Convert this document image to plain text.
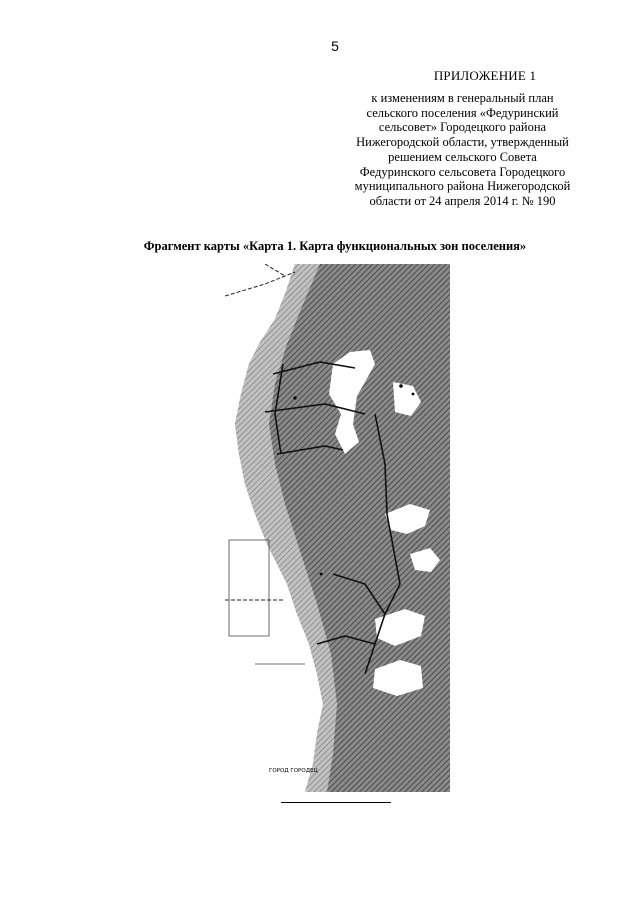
5
ПРИЛОЖЕНИЕ 1
к изменениям в генеральный план
сельского поселения «Федуринский
сельсовет» Городецкого района
Нижегородской области, утвержденный
решением сельского Совета
Федуринского сельсовета Городецкого
муниципального района Нижегородской
области от 24 апреля 2014 г. № 190
Фрагмент карты «Карта 1. Карта функциональных зон поселения»
ГОРОД ГОРОДЕЦ
